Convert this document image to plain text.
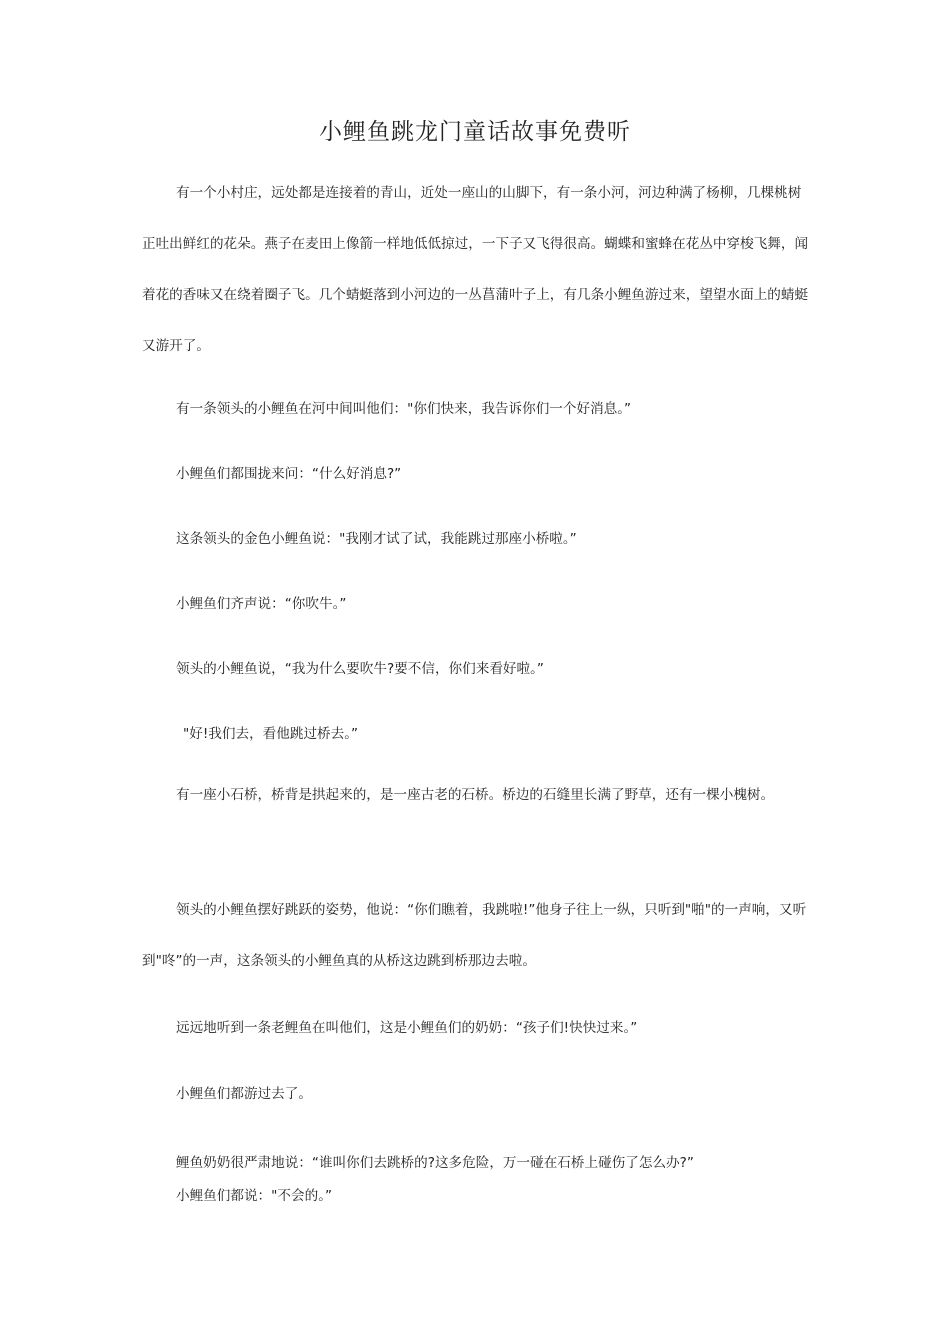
小鲤鱼跳龙门童话故事免费听
有一个小村庄，远处都是连接着的青山，近处一座山的山脚下，有一条小河，河边种满了杨柳，几棵桃树正吐出鲜红的花朵。燕子在麦田上像箭一样地低低掠过，一下子又飞得很高。蝴蝶和蜜蜂在花丛中穿梭飞舞，闻着花的香味又在绕着圈子飞。几个蜻蜓落到小河边的一丛菖蒲叶子上，有几条小鲤鱼游过来，望望水面上的蜻蜓又游开了。
有一条领头的小鲤鱼在河中间叫他们："你们快来，我告诉你们一个好消息。”
小鲤鱼们都围拢来问：“什么好消息?”
这条领头的金色小鲤鱼说："我刚才试了试，我能跳过那座小桥啦。”
小鲤鱼们齐声说：“你吹牛。”
领头的小鲤鱼说，“我为什么要吹牛?要不信，你们来看好啦。”
"好!我们去，看他跳过桥去。”
有一座小石桥，桥背是拱起来的，是一座古老的石桥。桥边的石缝里长满了野草，还有一棵小槐树。
领头的小鲤鱼摆好跳跃的姿势，他说：“你们瞧着，我跳啦!”他身子往上一纵，只听到"啪"的一声响，又听到"咚”的一声，这条领头的小鲤鱼真的从桥这边跳到桥那边去啦。
远远地听到一条老鲤鱼在叫他们，这是小鲤鱼们的奶奶：“孩子们!快快过来。”
小鲤鱼们都游过去了。
鲤鱼奶奶很严肃地说：“谁叫你们去跳桥的?这多危险，万一碰在石桥上碰伤了怎么办?”
小鲤鱼们都说："不会的。”
